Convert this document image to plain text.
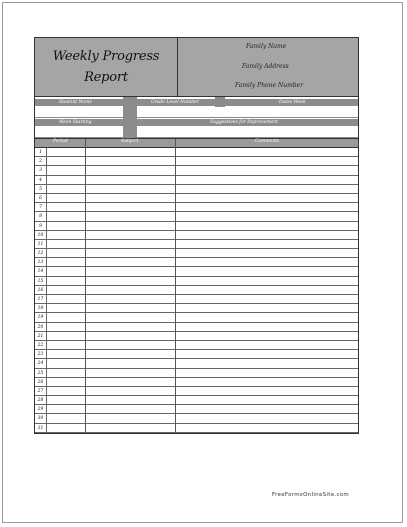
Weekly Progress
Report
Family Name
Family Address
Family Phone Number
Student Name	Grade Level Number	Dates Week
Week Starting	Suggestions for Improvement
Period	Subject	Comments
1
2
3
4
5
6
7
8
9
10
11
12
13
14
15
16
17
18
19
20
21
22
23
24
25
26
27
28
29
30
31
FreeFormsOnlineSite.com
